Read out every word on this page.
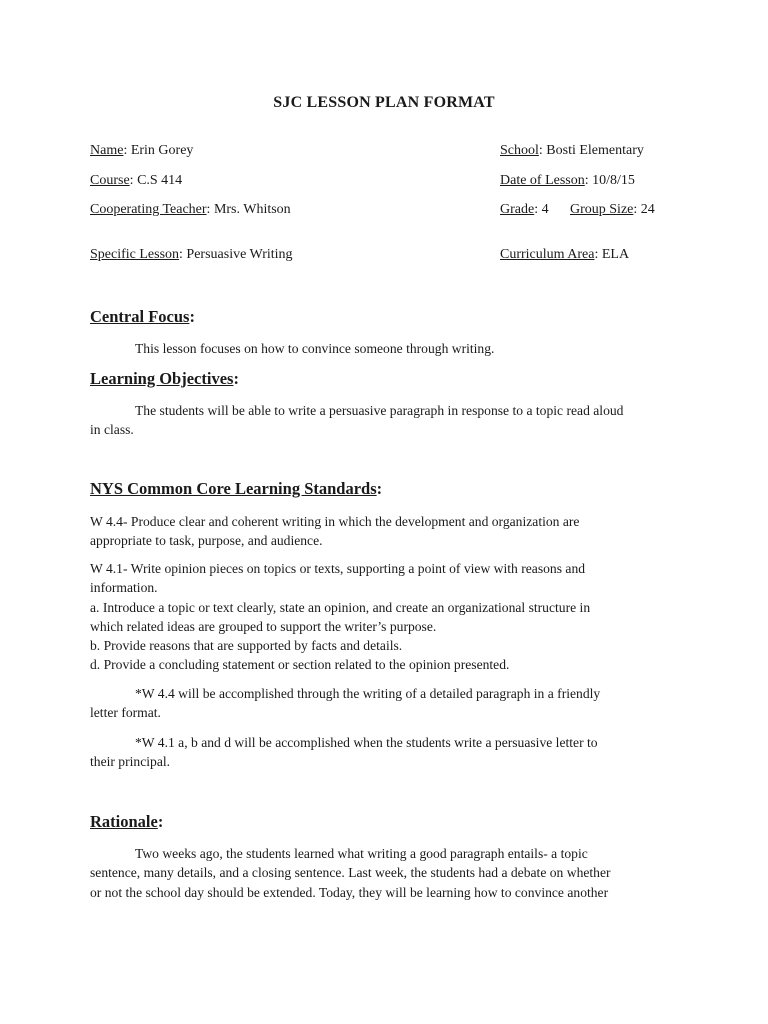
SJC LESSON PLAN FORMAT
Name: Erin Gorey	School: Bosti Elementary
Course: C.S 414	Date of Lesson: 10/8/15
Cooperating Teacher: Mrs. Whitson	Grade: 4 Group Size: 24
Specific Lesson: Persuasive Writing	Curriculum Area: ELA
Central Focus:
This lesson focuses on how to convince someone through writing.
Learning Objectives:
The students will be able to write a persuasive paragraph in response to a topic read aloud
in class.
NYS Common Core Learning Standards:
W 4.4- Produce clear and coherent writing in which the development and organization are
appropriate to task, purpose, and audience.
W 4.1- Write opinion pieces on topics or texts, supporting a point of view with reasons and
information.
a. Introduce a topic or text clearly, state an opinion, and create an organizational structure in
which related ideas are grouped to support the writer’s purpose.
b. Provide reasons that are supported by facts and details.
d. Provide a concluding statement or section related to the opinion presented.
*W 4.4 will be accomplished through the writing of a detailed paragraph in a friendly
letter format.
*W 4.1 a, b and d will be accomplished when the students write a persuasive letter to
their principal.
Rationale:
Two weeks ago, the students learned what writing a good paragraph entails- a topic
sentence, many details, and a closing sentence. Last week, the students had a debate on whether
or not the school day should be extended. Today, they will be learning how to convince another
